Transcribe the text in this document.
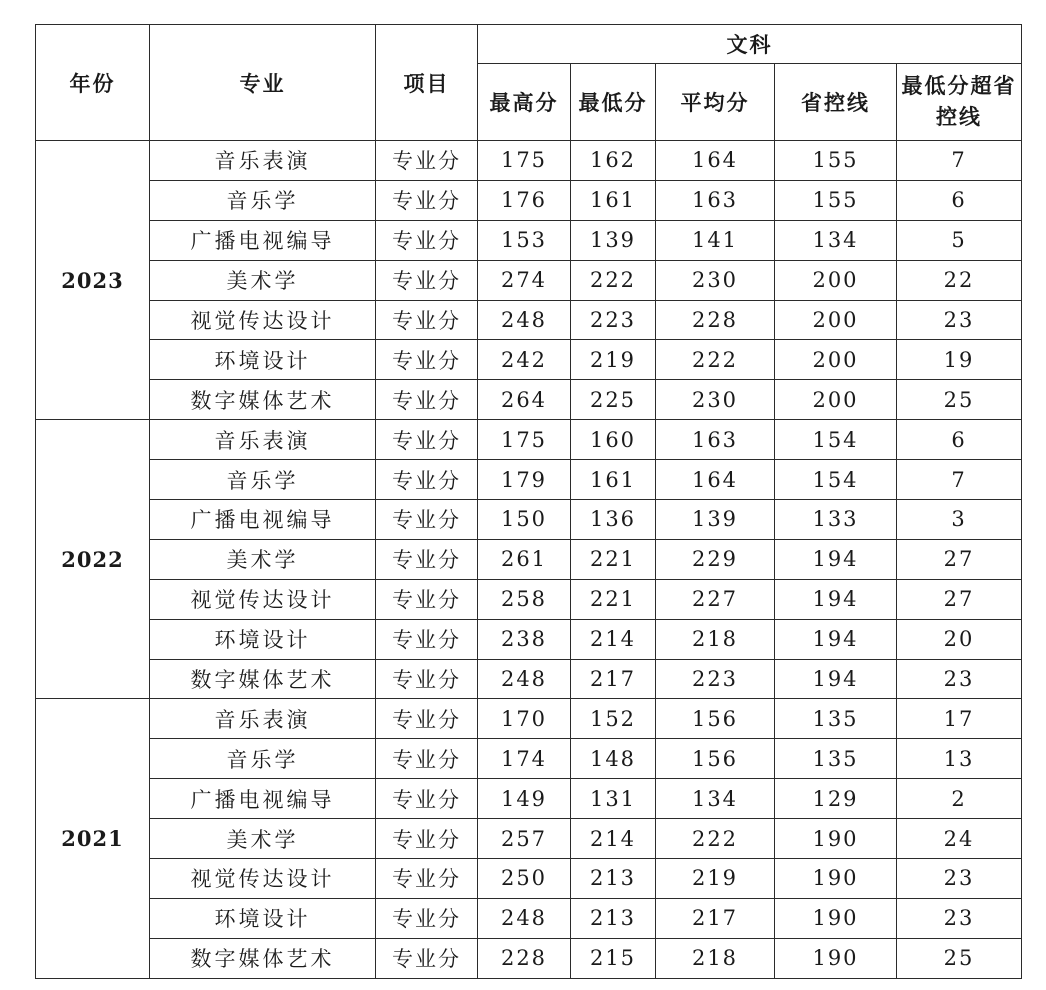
年份	专业	项目	文科				
			最高分	最低分	平均分	省控线	最低分超省控线
2023	音乐表演	专业分	175	162	164	155	7
	音乐学	专业分	176	161	163	155	6
	广播电视编导	专业分	153	139	141	134	5
	美术学	专业分	274	222	230	200	22
	视觉传达设计	专业分	248	223	228	200	23
	环境设计	专业分	242	219	222	200	19
	数字媒体艺术	专业分	264	225	230	200	25
2022	音乐表演	专业分	175	160	163	154	6
	音乐学	专业分	179	161	164	154	7
	广播电视编导	专业分	150	136	139	133	3
	美术学	专业分	261	221	229	194	27
	视觉传达设计	专业分	258	221	227	194	27
	环境设计	专业分	238	214	218	194	20
	数字媒体艺术	专业分	248	217	223	194	23
2021	音乐表演	专业分	170	152	156	135	17
	音乐学	专业分	174	148	156	135	13
	广播电视编导	专业分	149	131	134	129	2
	美术学	专业分	257	214	222	190	24
	视觉传达设计	专业分	250	213	219	190	23
	环境设计	专业分	248	213	217	190	23
	数字媒体艺术	专业分	228	215	218	190	25
